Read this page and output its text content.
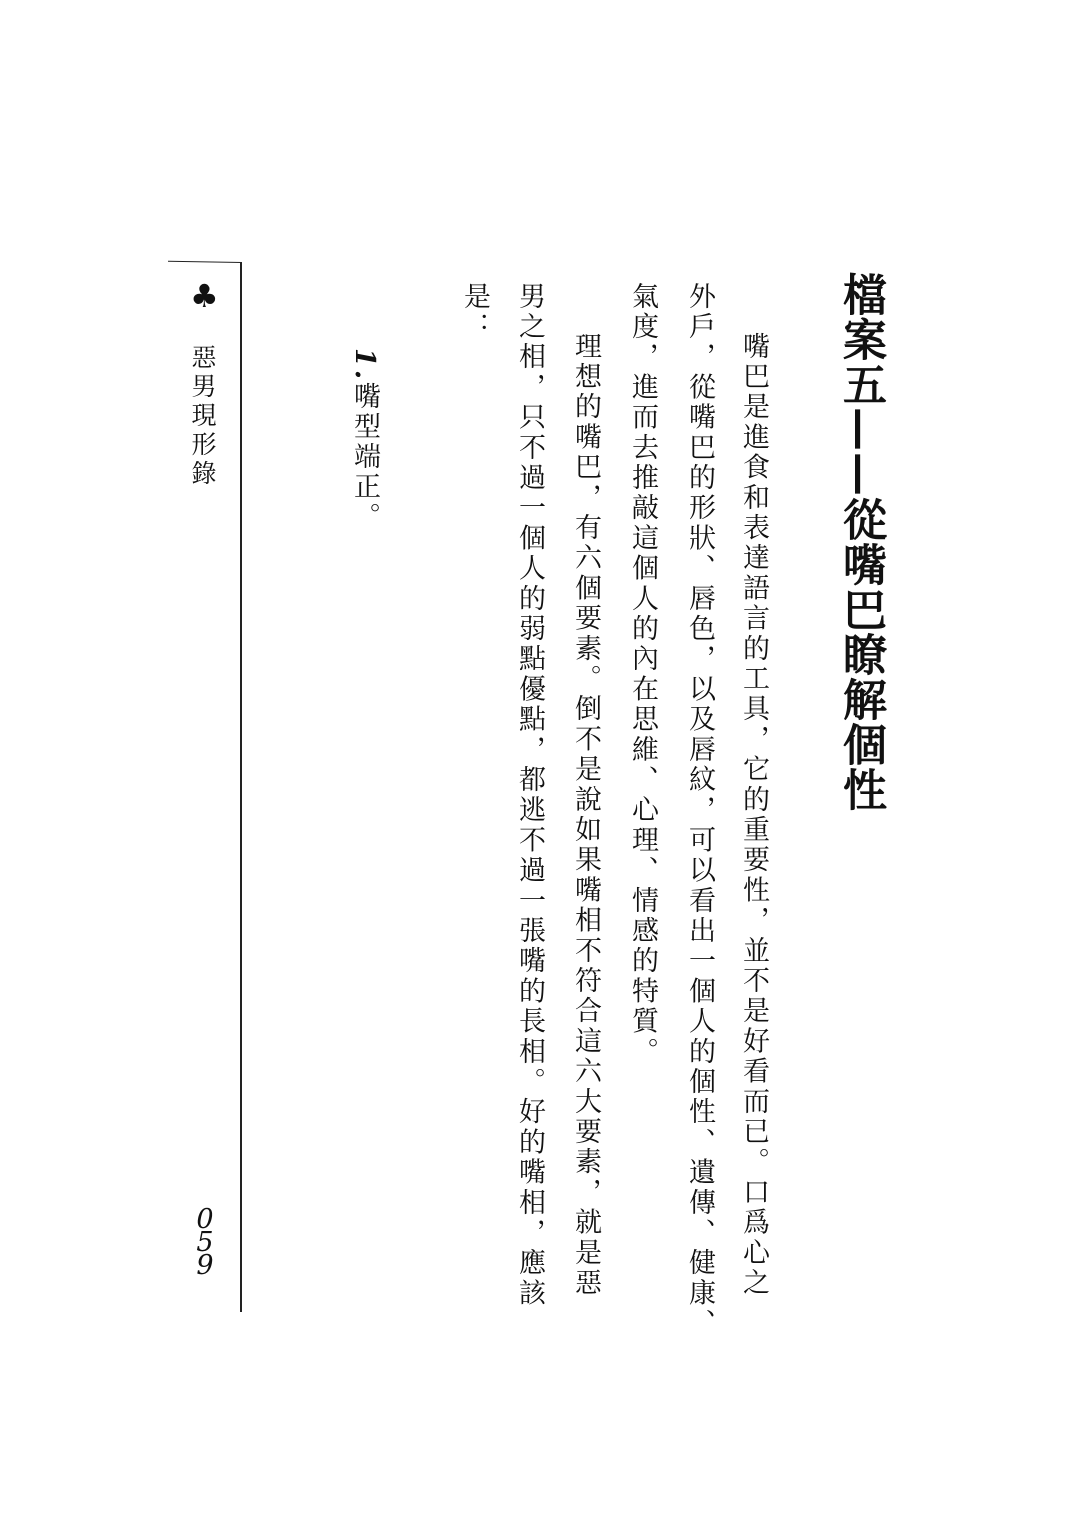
檔案五——從嘴巴瞭解個性
嘴巴是進食和表達語言的工具，它的重要性，並不是好看而已。口爲心之
外戶，從嘴巴的形狀、唇色，以及唇紋，可以看出一個人的個性、遺傳、健康、
氣度，進而去推敲這個人的內在思維、心理、情感的特質。
理想的嘴巴，有六個要素。倒不是說如果嘴相不符合這六大要素，就是惡
男之相，只不過一個人的弱點優點，都逃不過一張嘴的長相。好的嘴相，應該
是：
1.嘴型端正。
♣
惡男現形錄
059
